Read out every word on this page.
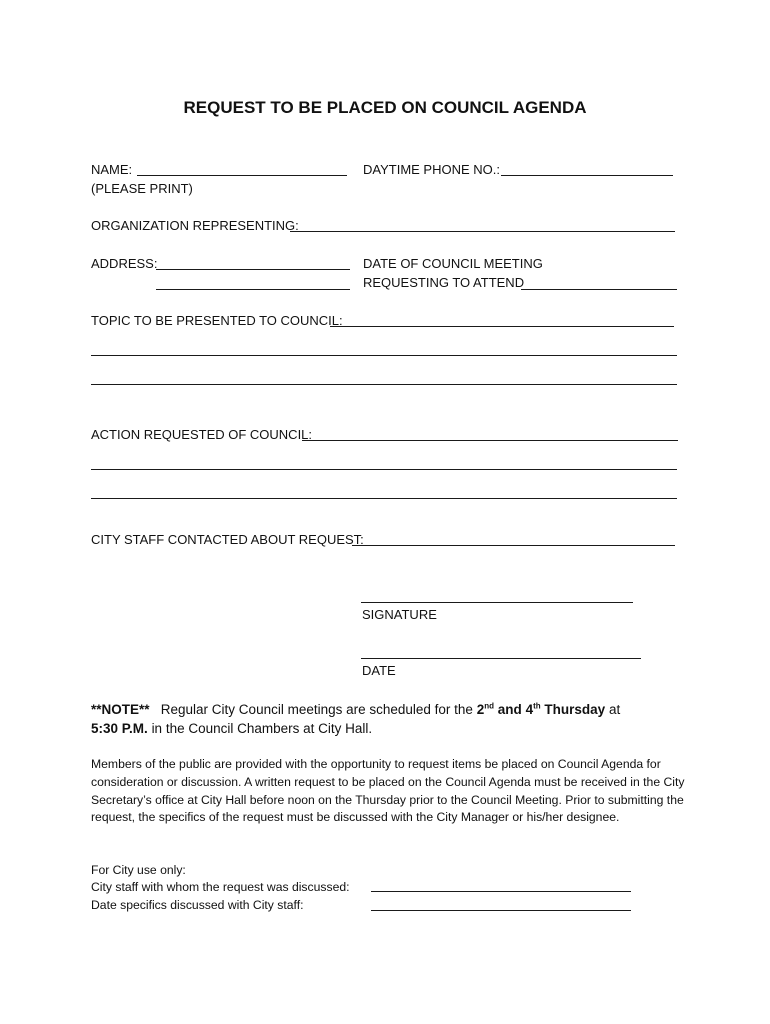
REQUEST TO BE PLACED ON COUNCIL AGENDA
NAME:
(PLEASE PRINT)
DAYTIME PHONE NO.:
ORGANIZATION REPRESENTING:
ADDRESS:	DATE OF COUNCIL MEETING
REQUESTING TO ATTEND
TOPIC TO BE PRESENTED TO COUNCIL:
ACTION REQUESTED OF COUNCIL:
CITY STAFF CONTACTED ABOUT REQUEST:
SIGNATURE
DATE
**NOTE** Regular City Council meetings are scheduled for the 2nd and 4th Thursday at
5:30 P.M. in the Council Chambers at City Hall.
Members of the public are provided with the opportunity to request items be placed on Council Agenda for consideration or discussion. A written request to be placed on the Council Agenda must be received in the City Secretary’s office at City Hall before noon on the Thursday prior to the Council Meeting. Prior to submitting the request, the specifics of the request must be discussed with the City Manager or his/her designee.
For City use only:
City staff with whom the request was discussed:
Date specifics discussed with City staff:
